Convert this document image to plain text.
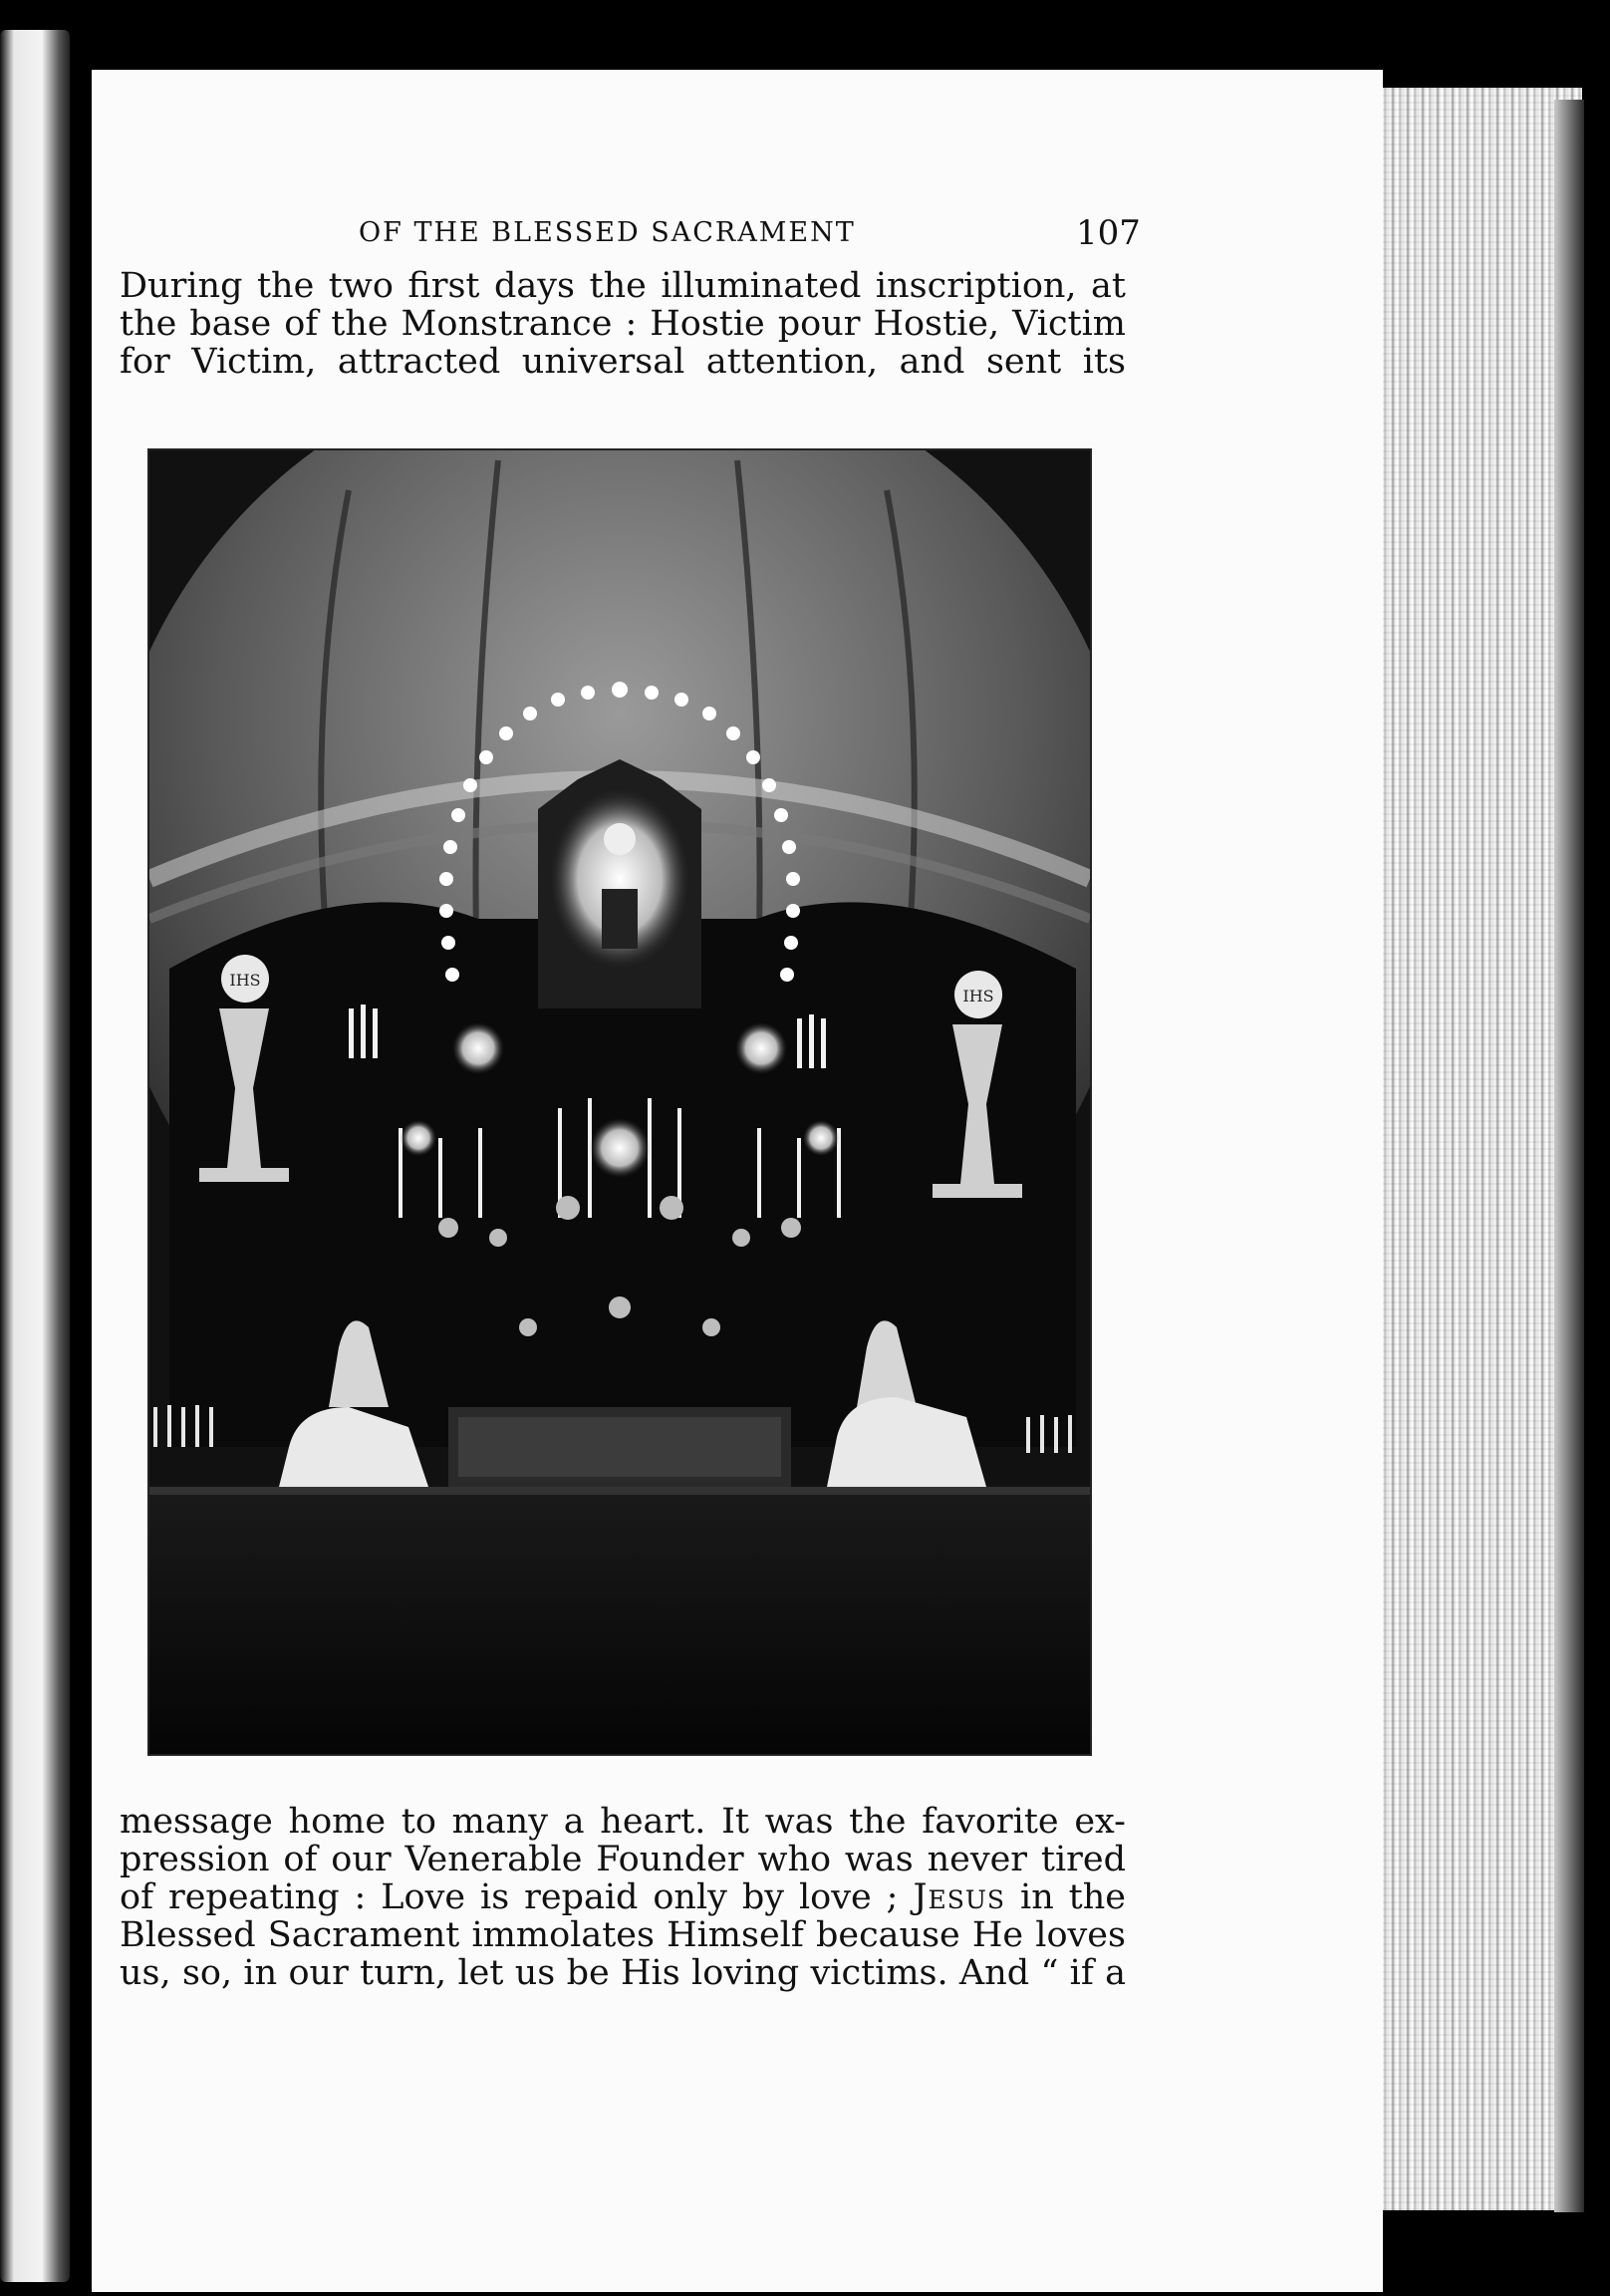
OF THE BLESSED SACRAMENT	107
During the two first days the illuminated inscription, at
the base of the Monstrance : Hostie pour Hostie, Victim
for Victim, attracted universal attention, and sent its
IHS
IHS
message home to many a heart. It was the favorite ex-
pression of our Venerable Founder who was never tired
of repeating : Love is repaid only by love ; Jesus in the
Blessed Sacrament immolates Himself because He loves
us, so, in our turn, let us be His loving victims. And “ if a
